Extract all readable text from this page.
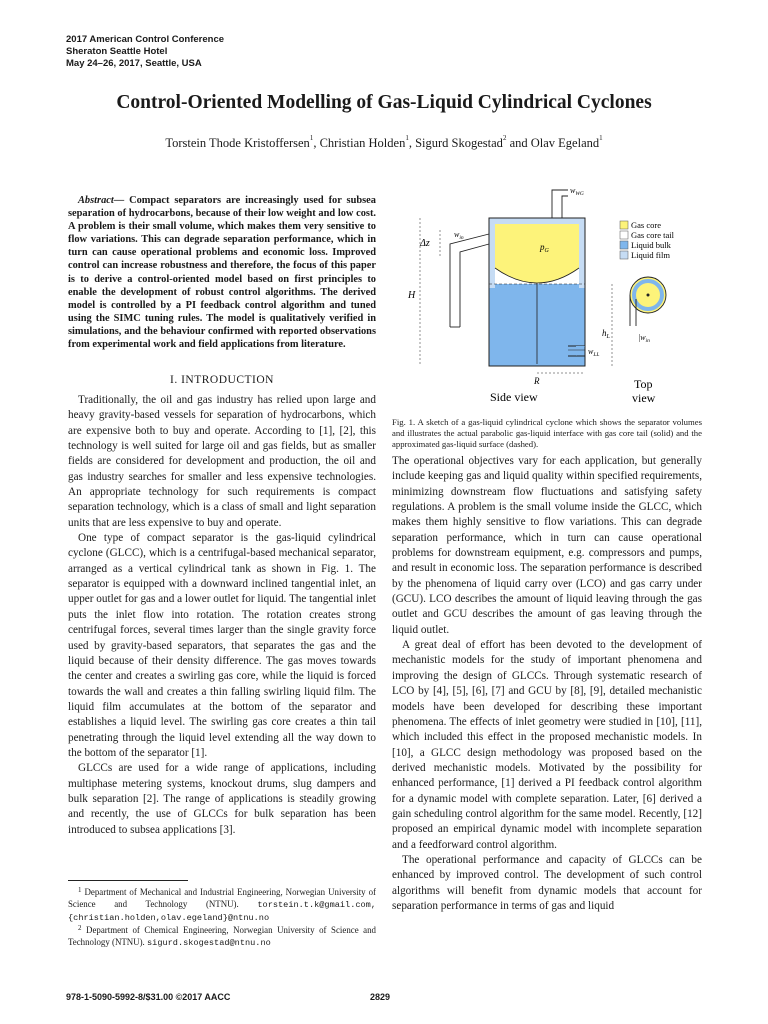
2017 American Control Conference
Sheraton Seattle Hotel
May 24–26, 2017, Seattle, USA
Control-Oriented Modelling of Gas-Liquid Cylindrical Cyclones
Torstein Thode Kristoffersen$^1$, Christian Holden$^1$, Sigurd Skogestad$^2$ and Olav Egeland$^1$
Abstract— Compact separators are increasingly used for subsea separation of hydrocarbons, because of their low weight and low cost. A problem is their small volume, which makes them very sensitive to flow variations. This can degrade separation performance, which in turn can cause operational problems and economic loss. Improved control can increase robustness and therefore, the focus of this paper is to derive a control-oriented model based on first principles to enable the development of robust control algorithms. The derived model is controlled by a PI feedback control algorithm and tuned using the SIMC tuning rules. The model is qualitatively verified in simulations, and the behaviour confirmed with reported observations from experimental work and field applications from literature.
I. INTRODUCTION

Traditionally, the oil and gas industry has relied upon large and heavy gravity-based vessels for separation of hydrocarbons, which are expensive both to buy and operate. According to [1], [2], this technology is well suited for large oil and gas fields, but as smaller fields are considered for development and production, the oil and gas industry searches for smaller and less expensive technologies. An appropriate technology for such requirements is compact separation technology, which is a class of small and light separation units that are less expensive to buy and operate.

One type of compact separator is the gas-liquid cylindrical cyclone (GLCC), which is a centrifugal-based mechanical separator, arranged as a vertical cylindrical tank as shown in Fig. 1. The separator is equipped with a downward inclined tangential inlet, an upper outlet for gas and a lower outlet for liquid. The tangential inlet puts the inlet flow into rotation. The rotation creates strong centrifugal forces, several times larger than the single gravity force used by gravity-based separators, that separates the gas and the liquid because of their density difference. The gas moves towards the center and creates a swirling gas core, while the liquid is forced towards the wall and creates a thin falling swirling liquid film. The liquid film accumulates at the bottom of the separator and establishes a liquid level. The swirling gas core creates a thin tail penetrating through the liquid level extending all the way down to the bottom of the separator [1].

GLCCs are used for a wide range of applications, including multiphase metering systems, knockout drums, slug dampers and bulk separation [2]. The range of applications is steadily growing and recently, the use of GLCCs for bulk separation has been introduced to subsea applications [3].

$^1$ Department of Mechanical and Industrial Engineering, Norwegian University of Science and Technology (NTNU). torstein.t.k@gmail.com, {christian.holden,olav.egeland}@ntnu.no
$^2$ Department of Chemical Engineering, Norwegian University of Science and Technology (NTNU). sigurd.skogestad@ntnu.no
$w_{WG}$
$w_{LL}$
$w_{in}$
$p_G$
Δz
H
$h_L$
R
Side view
Gas core
Gas core tail
Liquid bulk
Liquid film
$|w_{in}$
Top
view
Fig. 1. A sketch of a gas-liquid cylindrical cyclone which shows the separator volumes and illustrates the actual parabolic gas-liquid interface with gas core tail (solid) and the approximated gas-liquid surface (dashed).

The operational objectives vary for each application, but generally include keeping gas and liquid quality within specified requirements, minimizing downstream flow fluctuations and satisfying safety regulations. A problem is the small volume inside the GLCC, which makes them highly sensitive to flow variations. This can degrade separation performance, which in turn can cause operational problems for downstream equipment, e.g. compressors and pumps, and result in economic loss. The separation performance is described by the phenomena of liquid carry over (LCO) and gas carry under (GCU). LCO describes the amount of liquid leaving through the gas outlet and GCU describes the amount of gas leaving through the liquid outlet.

A great deal of effort has been devoted to the development of mechanistic models for the study of important phenomena and improving the design of GLCCs. Through systematic research of LCO by [4], [5], [6], [7] and GCU by [8], [9], detailed mechanistic models have been developed for describing these important phenomena. The effects of inlet geometry were studied in [10], [11], which included this effect in the proposed mechanistic models. In [10], a GLCC design methodology was proposed based on the derived mechanistic models. Motivated by the possibility for enhanced performance, [1] derived a PI feedback control algorithm for a dynamic model with complete separation. Later, [6] derived a gain scheduling control algorithm for the same model. Recently, [12] proposed an empirical dynamic model with incomplete separation and a feedforward control algorithm.

The operational performance and capacity of GLCCs can be enhanced by improved control. The development of such control algorithms will benefit from dynamic models that account for separation performance in terms of gas and liquid

978-1-5090-5992-8/$31.00 ©2017 AACC	2829
